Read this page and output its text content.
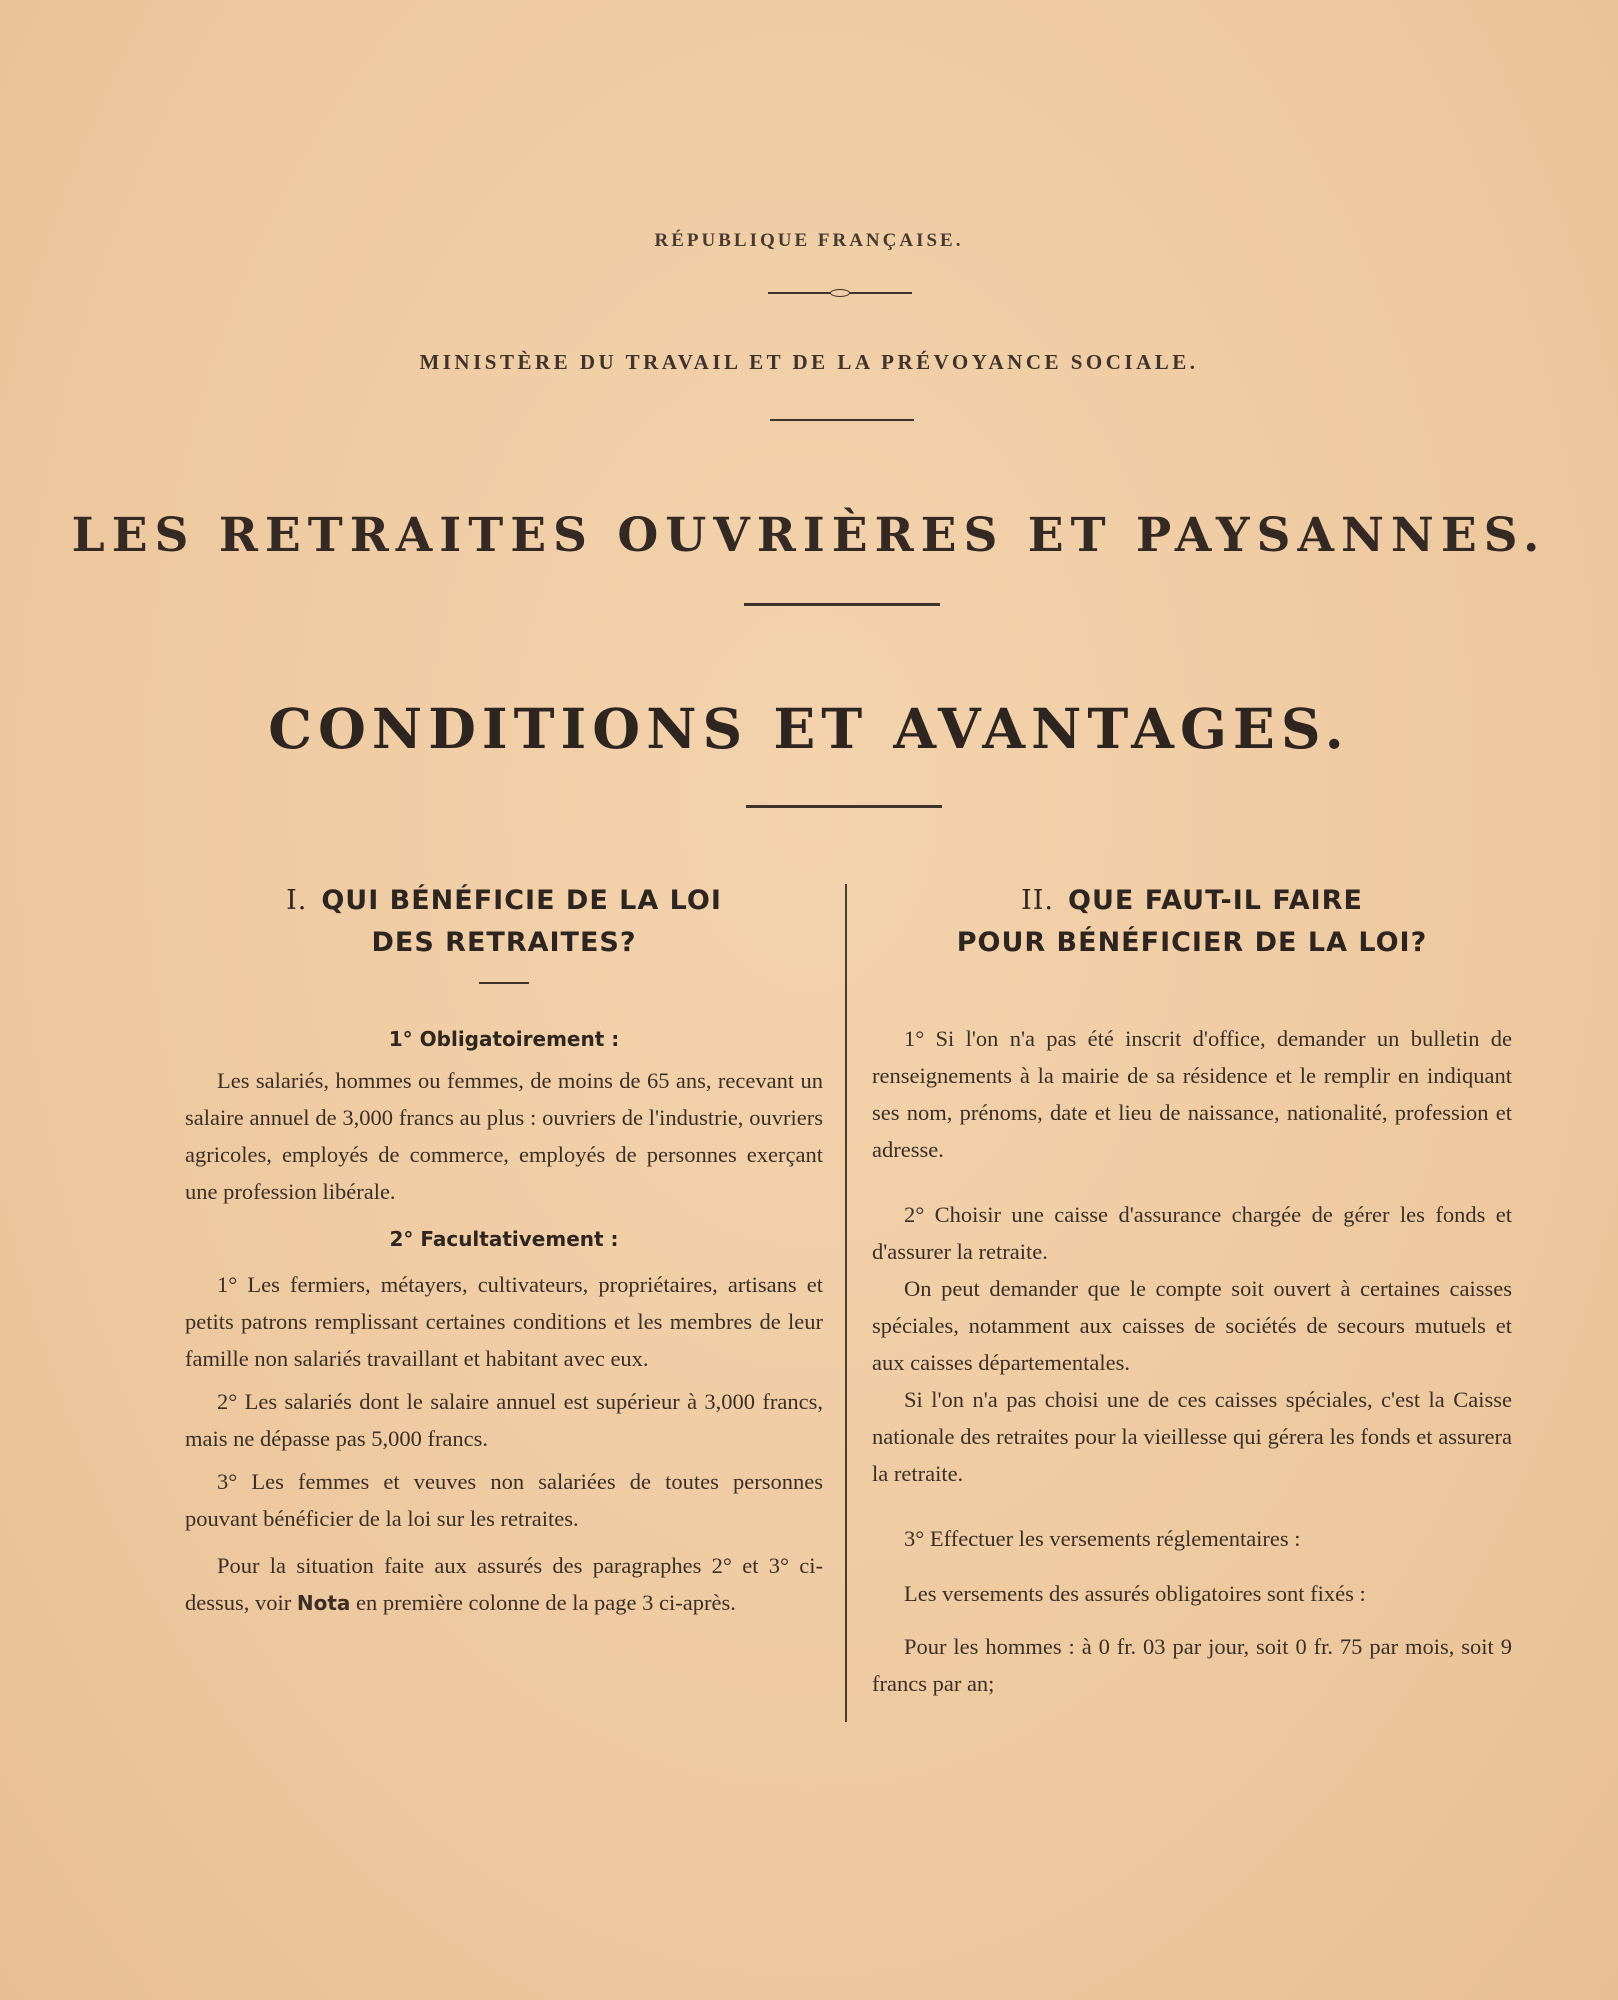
RÉPUBLIQUE FRANÇAISE.
MINISTÈRE DU TRAVAIL ET DE LA PRÉVOYANCE SOCIALE.
LES RETRAITES OUVRIÈRES ET PAYSANNES.
CONDITIONS ET AVANTAGES.
I. QUI BÉNÉFICIE DE LA LOI
DES RETRAITES?

1° Obligatoirement :

Les salariés, hommes ou femmes, de moins de 65 ans, recevant un salaire annuel de 3,000 francs au plus : ouvriers de l'industrie, ouvriers agricoles, employés de commerce, employés de personnes exerçant une profession libérale.

2° Facultativement :

1° Les fermiers, métayers, cultivateurs, propriétaires, artisans et petits patrons remplissant certaines conditions et les membres de leur famille non salariés travaillant et habitant avec eux.

2° Les salariés dont le salaire annuel est supérieur à 3,000 francs, mais ne dépasse pas 5,000 francs.

3° Les femmes et veuves non salariées de toutes personnes pouvant bénéficier de la loi sur les retraites.

Pour la situation faite aux assurés des paragraphes 2° et 3° ci-dessus, voir Nota en première colonne de la page 3 ci-après.

II. QUE FAUT-IL FAIRE
POUR BÉNÉFICIER DE LA LOI?

1° Si l'on n'a pas été inscrit d'office, demander un bulletin de renseignements à la mairie de sa résidence et le remplir en indiquant ses nom, prénoms, date et lieu de naissance, nationalité, profession et adresse.

2° Choisir une caisse d'assurance chargée de gérer les fonds et d'assurer la retraite.

On peut demander que le compte soit ouvert à certaines caisses spéciales, notamment aux caisses de sociétés de secours mutuels et aux caisses départementales.

Si l'on n'a pas choisi une de ces caisses spéciales, c'est la Caisse nationale des retraites pour la vieillesse qui gérera les fonds et assurera la retraite.

3° Effectuer les versements réglementaires :

Les versements des assurés obligatoires sont fixés :

Pour les hommes : à 0 fr. 03 par jour, soit 0 fr. 75 par mois, soit 9 francs par an;
